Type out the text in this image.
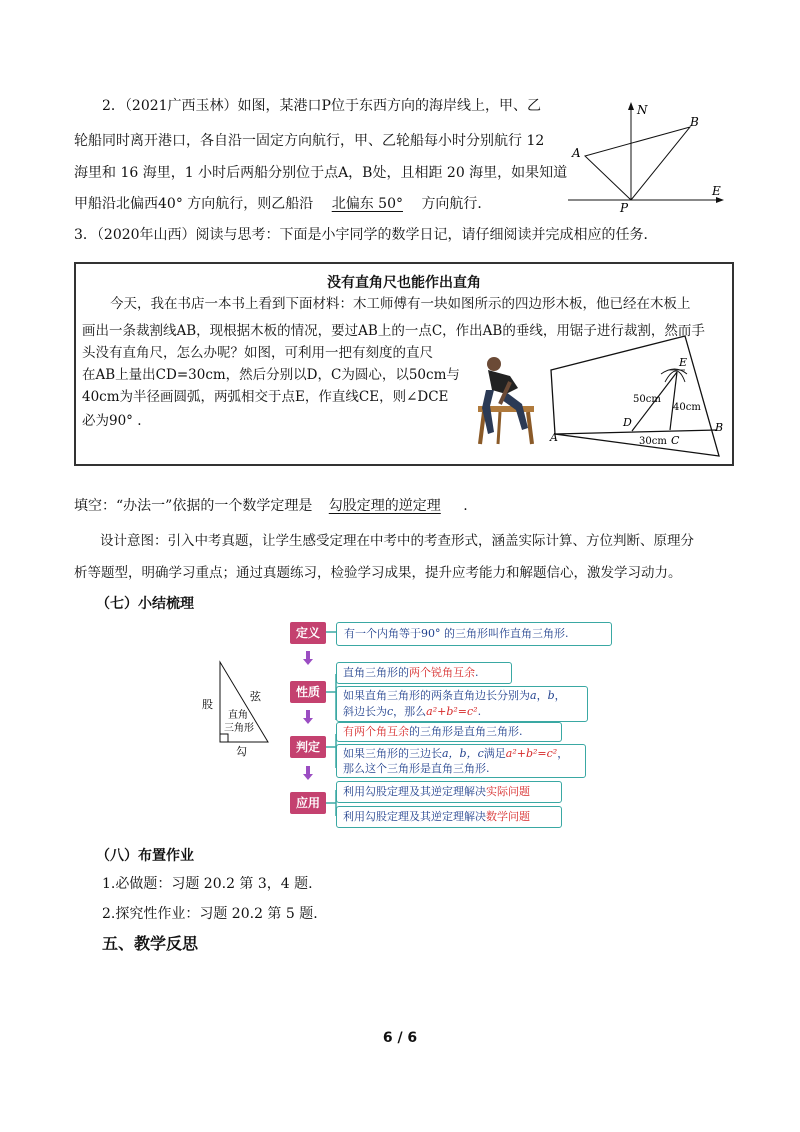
2．（2021广西玉林）如图，某港口P位于东西方向的海岸线上，甲、乙
轮船同时离开港口，各自沿一固定方向航行，甲、乙轮船每小时分别航行 12
海里和 16 海里，1 小时后两船分别位于点A，B处，且相距 20 海里，如果知道
甲船沿北偏西40° 方向航行，则乙船沿 北偏东 50° 方向航行．
N
B
A
E
P
3．（2020年山西）阅读与思考：下面是小宇同学的数学日记，请仔细阅读并完成相应的任务．
没有直角尺也能作出直角
今天，我在书店一本书上看到下面材料：木工师傅有一块如图所示的四边形木板，他已经在木板上
画出一条裁割线AB，现根据木板的情况，要过AB上的一点C，作出AB的垂线，用锯子进行裁割，然而手
头没有直角尺，怎么办呢？如图，可利用一把有刻度的直尺
在AB上量出CD=30cm，然后分别以D，C为圆心，以50cm与
40cm为半径画圆弧，两弧相交于点E，作直线CE，则∠DCE
必为90° .
E
50cm
40cm
D
30cm C
A
B
填空：“办法一”依据的一个数学定理是 勾股定理的逆定理 .
设计意图：引入中考真题，让学生感受定理在中考中的考查形式，涵盖实际计算、方位判断、原理分
析等题型，明确学习重点；通过真题练习，检验学习成果，提升应考能力和解题信心，激发学习动力。
（七）小结梳理
股
弦
勾
直角
三角形
定义
性质
判定
应用
有一个内角等于90° 的三角形叫作直角三角形.
直角三角形的两个锐角互余.
如果直角三角形的两条直角边长分别为a，b，
斜边长为c，那么a²+b²=c².
有两个角互余的三角形是直角三角形.
如果三角形的三边长a，b，c满足a²+b²=c²，
那么这个三角形是直角三角形.
利用勾股定理及其逆定理解决实际问题
利用勾股定理及其逆定理解决数学问题
（八）布置作业
1.必做题：习题 20.2 第 3，4 题.
2.探究性作业：习题 20.2 第 5 题.
五、教学反思
6 / 6
